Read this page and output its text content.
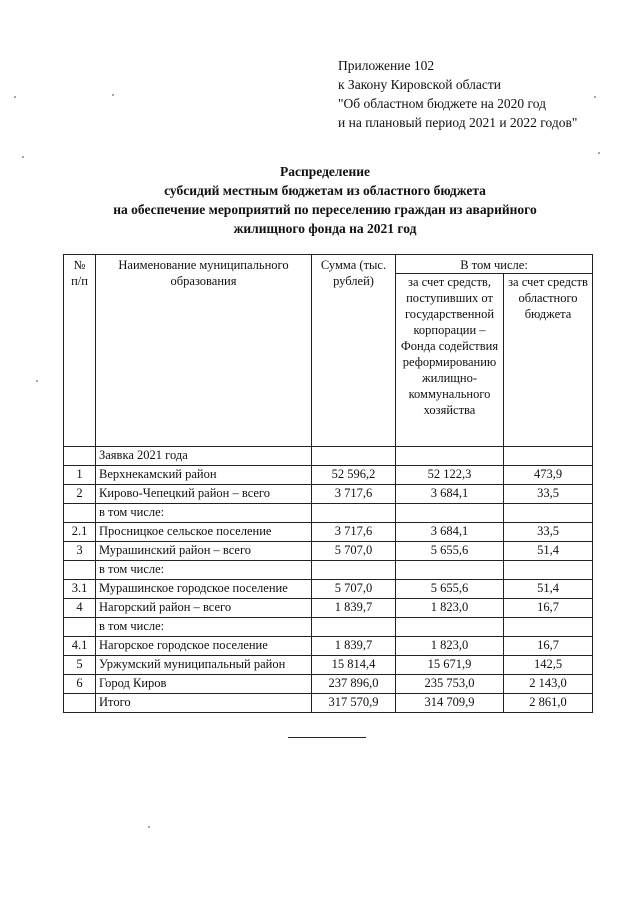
Приложение 102
к Закону Кировской области
"Об областном бюджете на 2020 год
и на плановый период 2021 и 2022 годов"
Распределение
субсидий местным бюджетам из областного бюджета
на обеспечение мероприятий по переселению граждан из аварийного
жилищного фонда на 2021 год
№ п/п	Наименование муниципального образования	Сумма (тыс. рублей)	В том числе:	
			за счет средств, поступивших от государственной корпорации – Фонда содействия реформированию жилищно-коммунального хозяйства	за счет средств областного бюджета
	Заявка 2021 года			
1	Верхнекамский район	52 596,2	52 122,3	473,9
2	Кирово-Чепецкий район – всего	3 717,6	3 684,1	33,5
	в том числе:			
2.1	Просницкое сельское поселение	3 717,6	3 684,1	33,5
3	Мурашинский район – всего	5 707,0	5 655,6	51,4
	в том числе:			
3.1	Мурашинское городское поселение	5 707,0	5 655,6	51,4
4	Нагорский район – всего	1 839,7	1 823,0	16,7
	в том числе:			
4.1	Нагорское городское поселение	1 839,7	1 823,0	16,7
5	Уржумский муниципальный район	15 814,4	15 671,9	142,5
6	Город Киров	237 896,0	235 753,0	2 143,0
	Итого	317 570,9	314 709,9	2 861,0
